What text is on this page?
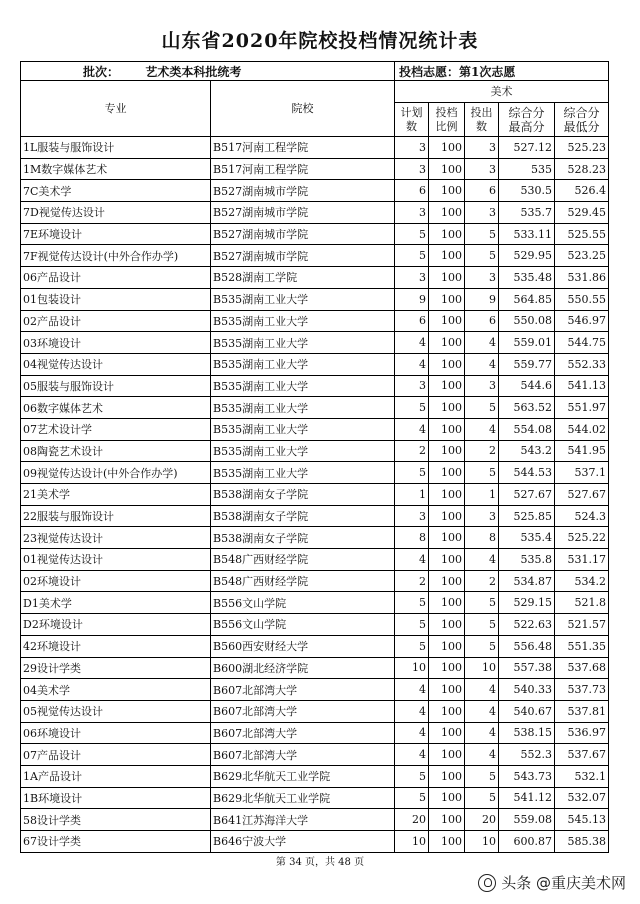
山东省2020年院校投档情况统计表
批次： 艺术类本科批统考		投档志愿：第1次志愿				
专业	院校	美术				

		计划数	投档比例	投出数	综合分最高分	综合分最低分

1L服装与服饰设计	B517河南工程学院	3	100	3	527.12	525.23
1M数字媒体艺术	B517河南工程学院	3	100	3	535	528.23
7C美术学	B527湖南城市学院	6	100	6	530.5	526.4
7D视觉传达设计	B527湖南城市学院	3	100	3	535.7	529.45
7E环境设计	B527湖南城市学院	5	100	5	533.11	525.55
7F视觉传达设计(中外合作办学)	B527湖南城市学院	5	100	5	529.95	523.25
06产品设计	B528湖南工学院	3	100	3	535.48	531.86
01包装设计	B535湖南工业大学	9	100	9	564.85	550.55
02产品设计	B535湖南工业大学	6	100	6	550.08	546.97
03环境设计	B535湖南工业大学	4	100	4	559.01	544.75
04视觉传达设计	B535湖南工业大学	4	100	4	559.77	552.33
05服装与服饰设计	B535湖南工业大学	3	100	3	544.6	541.13
06数字媒体艺术	B535湖南工业大学	5	100	5	563.52	551.97
07艺术设计学	B535湖南工业大学	4	100	4	554.08	544.02
08陶瓷艺术设计	B535湖南工业大学	2	100	2	543.2	541.95
09视觉传达设计(中外合作办学)	B535湖南工业大学	5	100	5	544.53	537.1
21美术学	B538湖南女子学院	1	100	1	527.67	527.67
22服装与服饰设计	B538湖南女子学院	3	100	3	525.85	524.3
23视觉传达设计	B538湖南女子学院	8	100	8	535.4	525.22
01视觉传达设计	B548广西财经学院	4	100	4	535.8	531.17
02环境设计	B548广西财经学院	2	100	2	534.87	534.2
D1美术学	B556文山学院	5	100	5	529.15	521.8
D2环境设计	B556文山学院	5	100	5	522.63	521.57
42环境设计	B560西安财经大学	5	100	5	556.48	551.35
29设计学类	B600湖北经济学院	10	100	10	557.38	537.68
04美术学	B607北部湾大学	4	100	4	540.33	537.73
05视觉传达设计	B607北部湾大学	4	100	4	540.67	537.81
06环境设计	B607北部湾大学	4	100	4	538.15	536.97
07产品设计	B607北部湾大学	4	100	4	552.3	537.67
1A产品设计	B629北华航天工业学院	5	100	5	543.73	532.1
1B环境设计	B629北华航天工业学院	5	100	5	541.12	532.07
58设计学类	B641江苏海洋大学	20	100	20	559.08	545.13
67设计学类	B646宁波大学	10	100	10	600.87	585.38
第 34 页，共 48 页
头条 @重庆美术网
